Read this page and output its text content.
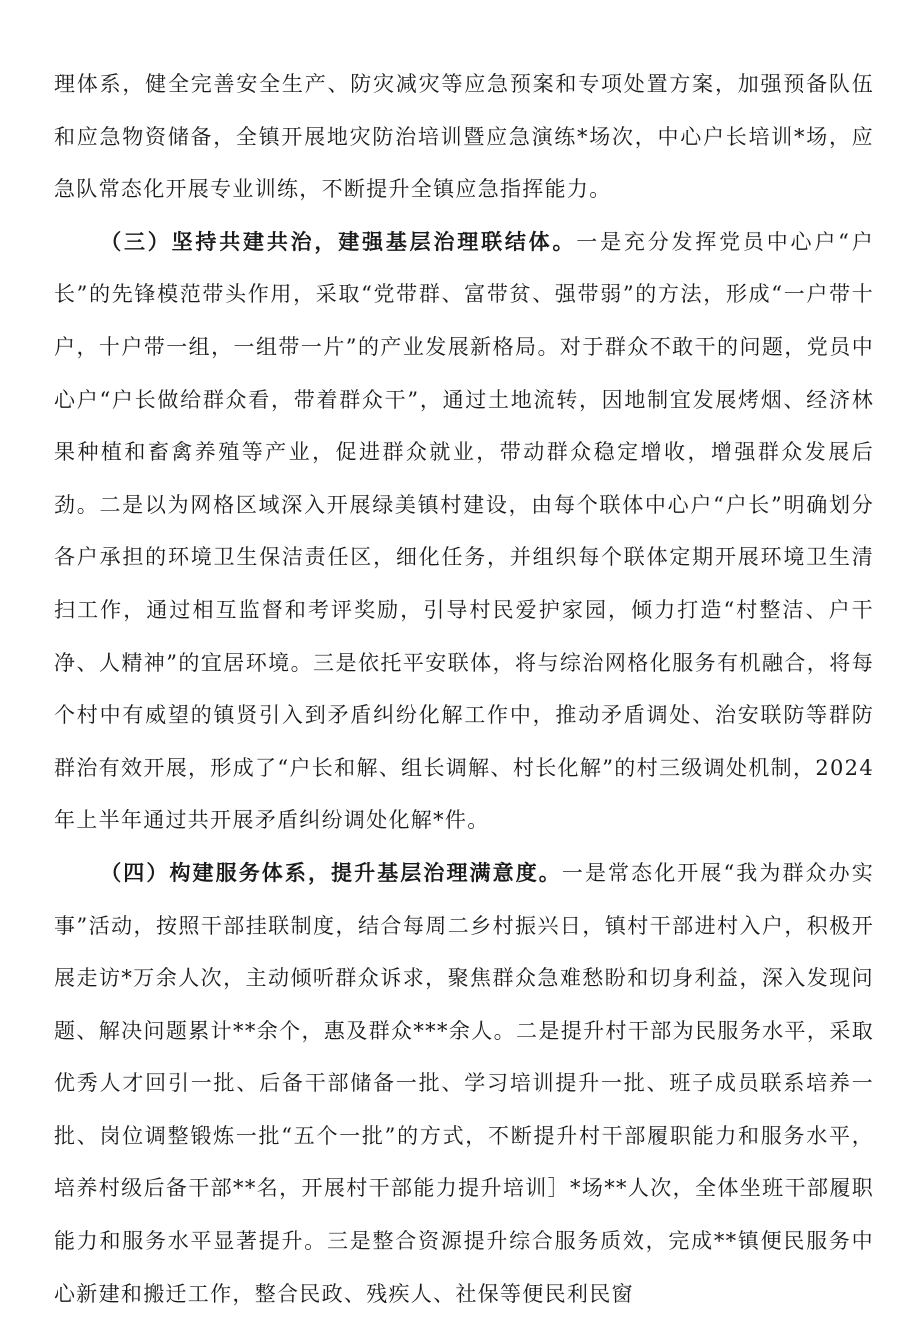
理体系，健全完善安全生产、防灾减灾等应急预案和专项处置方案，加强预备队伍和应急物资储备，全镇开展地灾防治培训暨应急演练*场次，中心户长培训*场，应急队常态化开展专业训练，不断提升全镇应急指挥能力。

（三）坚持共建共治，建强基层治理联结体。一是充分发挥党员中心户“户长”的先锋模范带头作用，采取“党带群、富带贫、强带弱”的方法，形成“一户带十户，十户带一组，一组带一片”的产业发展新格局。对于群众不敢干的问题，党员中心户“户长做给群众看，带着群众干”，通过土地流转，因地制宜发展烤烟、经济林果种植和畜禽养殖等产业，促进群众就业，带动群众稳定增收，增强群众发展后劲。二是以为网格区域深入开展绿美镇村建设，由每个联体中心户“户长”明确划分各户承担的环境卫生保洁责任区，细化任务，并组织每个联体定期开展环境卫生清扫工作，通过相互监督和考评奖励，引导村民爱护家园，倾力打造“村整洁、户干净、人精神”的宜居环境。三是依托平安联体，将与综治网格化服务有机融合，将每个村中有威望的镇贤引入到矛盾纠纷化解工作中，推动矛盾调处、治安联防等群防群治有效开展，形成了“户长和解、组长调解、村长化解”的村三级调处机制，2024年上半年通过共开展矛盾纠纷调处化解*件。

（四）构建服务体系，提升基层治理满意度。一是常态化开展“我为群众办实事”活动，按照干部挂联制度，结合每周二乡村振兴日，镇村干部进村入户，积极开展走访*万余人次，主动倾听群众诉求，聚焦群众急难愁盼和切身利益，深入发现问题、解决问题累计**余个，惠及群众***余人。二是提升村干部为民服务水平，采取优秀人才回引一批、后备干部储备一批、学习培训提升一批、班子成员联系培养一批、岗位调整锻炼一批“五个一批”的方式，不断提升村干部履职能力和服务水平，培养村级后备干部**名，开展村干部能力提升培训］*场**人次，全体坐班干部履职能力和服务水平显著提升。三是整合资源提升综合服务质效，完成**镇便民服务中心新建和搬迁工作，整合民政、残疾人、社保等便民利民窗
